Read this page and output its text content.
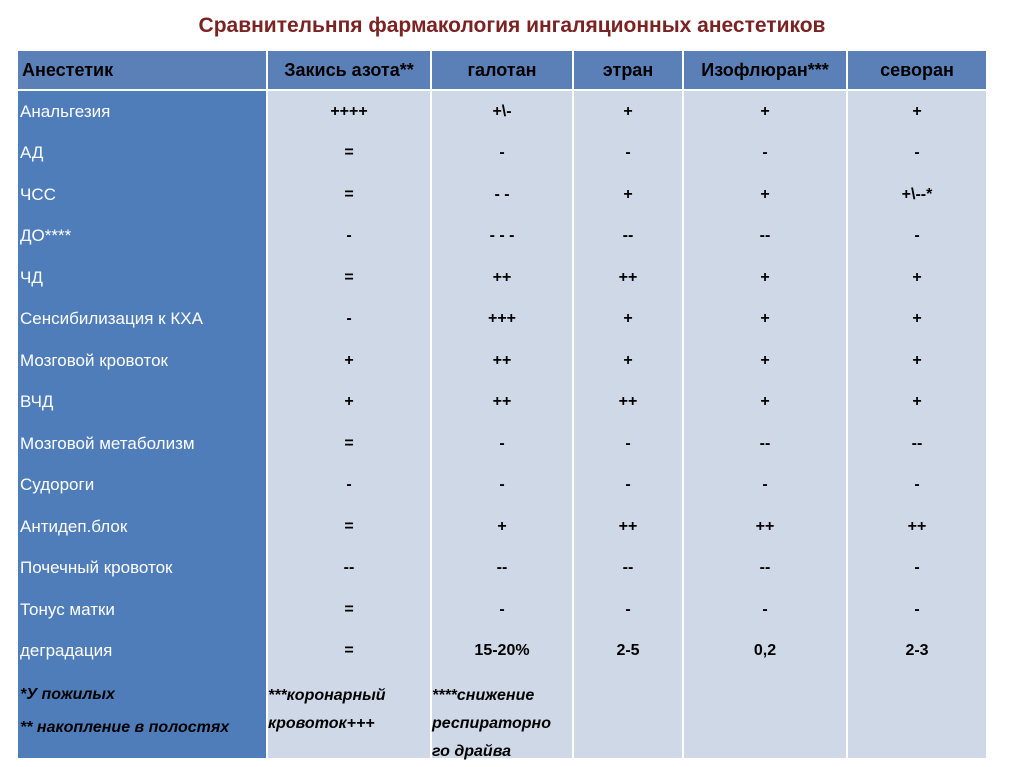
Сравнительнпя фармакология ингаляционных анестетиков
Анестетик	Закись азота**	галотан	этран	Изофлюран***	севоран
Анальгезия	++++	+\-	+	+	+
АД	=	-	-	-	-
ЧСС	=	- -	+	+	+\--*
ДО****	-	- - -	--	--	-
ЧД	=	++	++	+	+
Сенсибилизация к КХА	-	+++	+	+	+
Мозговой кровоток	+	++	+	+	+
ВЧД	+	++	++	+	+
Мозговой метаболизм	=	-	-	--	--
Судороги	-	-	-	-	-
Антидеп.блок	=	+	++	++	++
Почечный кровоток	--	--	--	--	-
Тонус матки	=	-	-	-	-
деградация	=	15-20%	2-5	0,2	2-3
*У пожилых
** накопление в полостях
***коронарный
кровоток+++
****снижение
респираторно
го драйва
